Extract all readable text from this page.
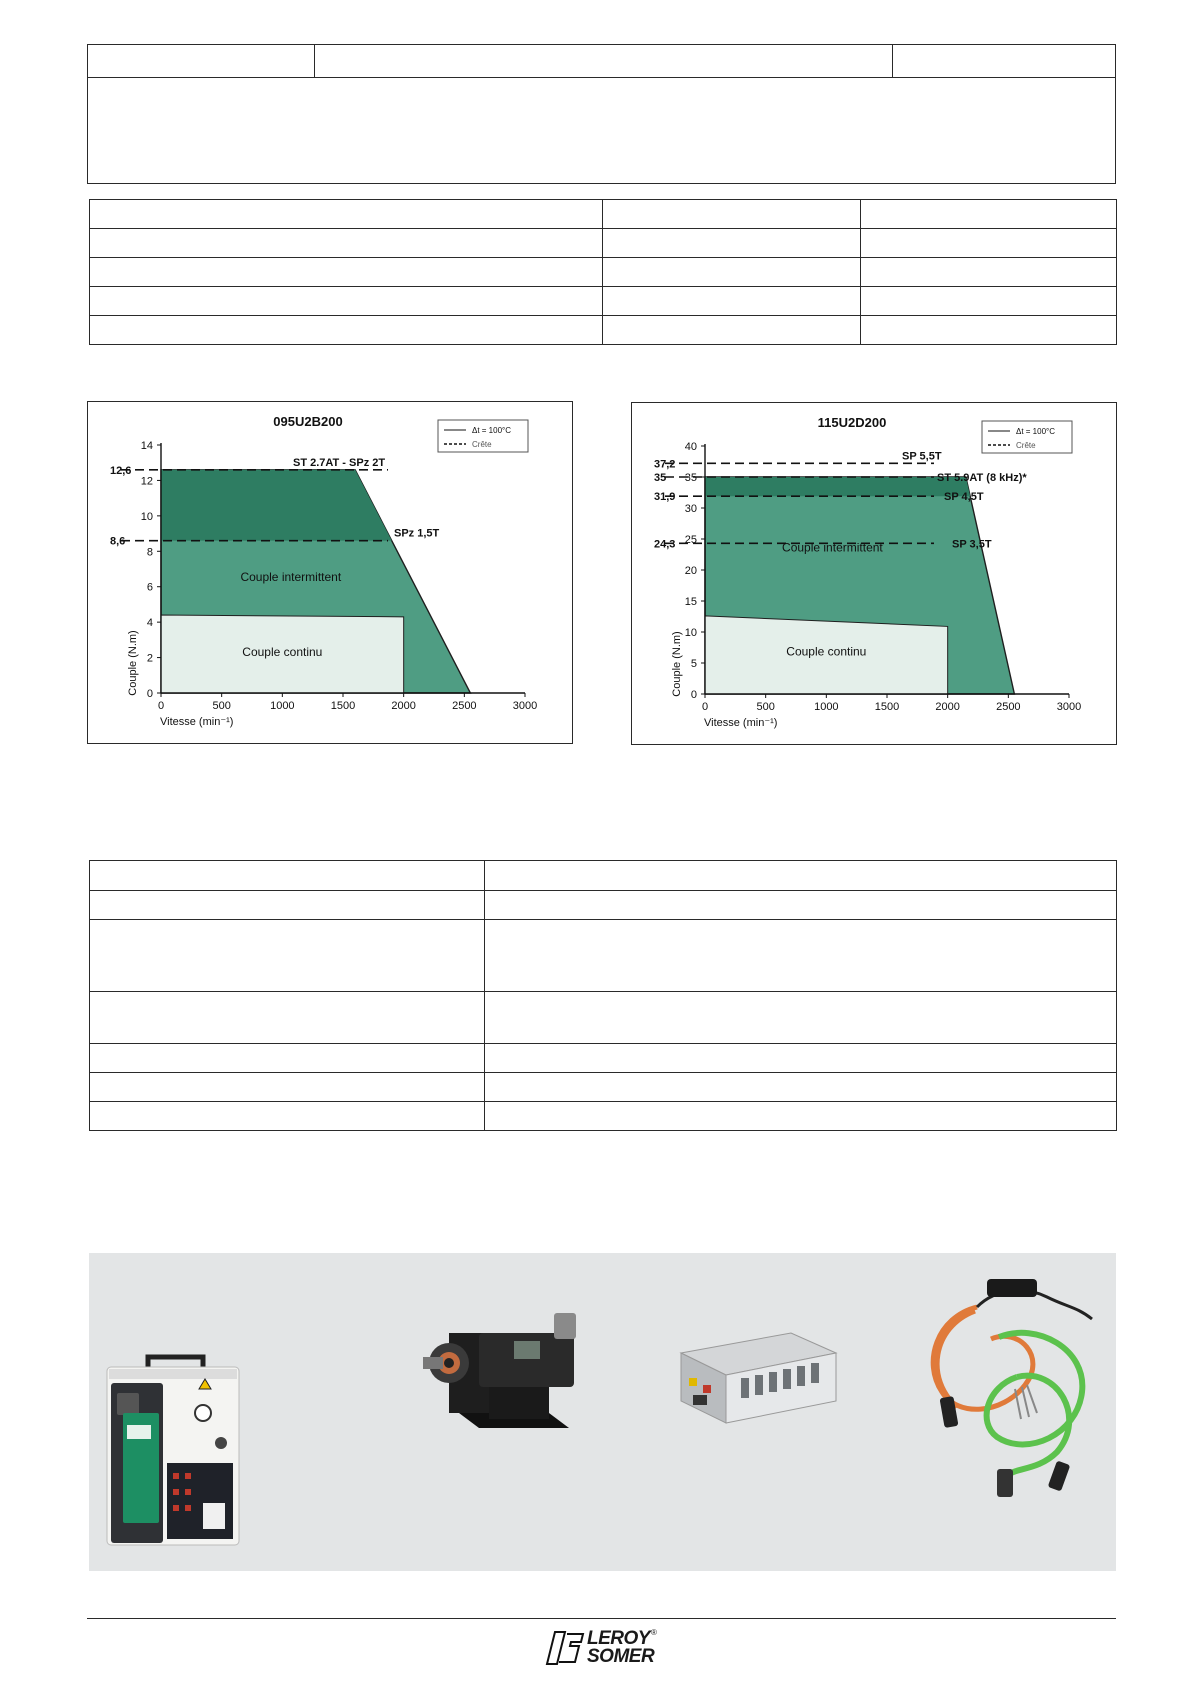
0	500	1000	1500	2000	2500	3000
0
2
4
6
8
10
12
14
ST 2.7AT - SPz 2T
SPz 1,5T
12,6
8,6
Couple intermittent
Couple continu
095U2B200
Vitesse (min⁻¹)
Couple (N.m)
Δt = 100°C
Crête
0	500	1000	1500	2000	2500	3000
0
5
10
15
20
25
30
35
40
SP 5,5T
ST 5.9AT (8 kHz)*
SP 4,5T
SP 3,5T
37,2
35
31,9
24,3	Couple intermittent
Couple continu
115U2D200
Vitesse (min⁻¹)
Couple (N.m)
Δt = 100°C
Crête

LEROY
SOMER
®
